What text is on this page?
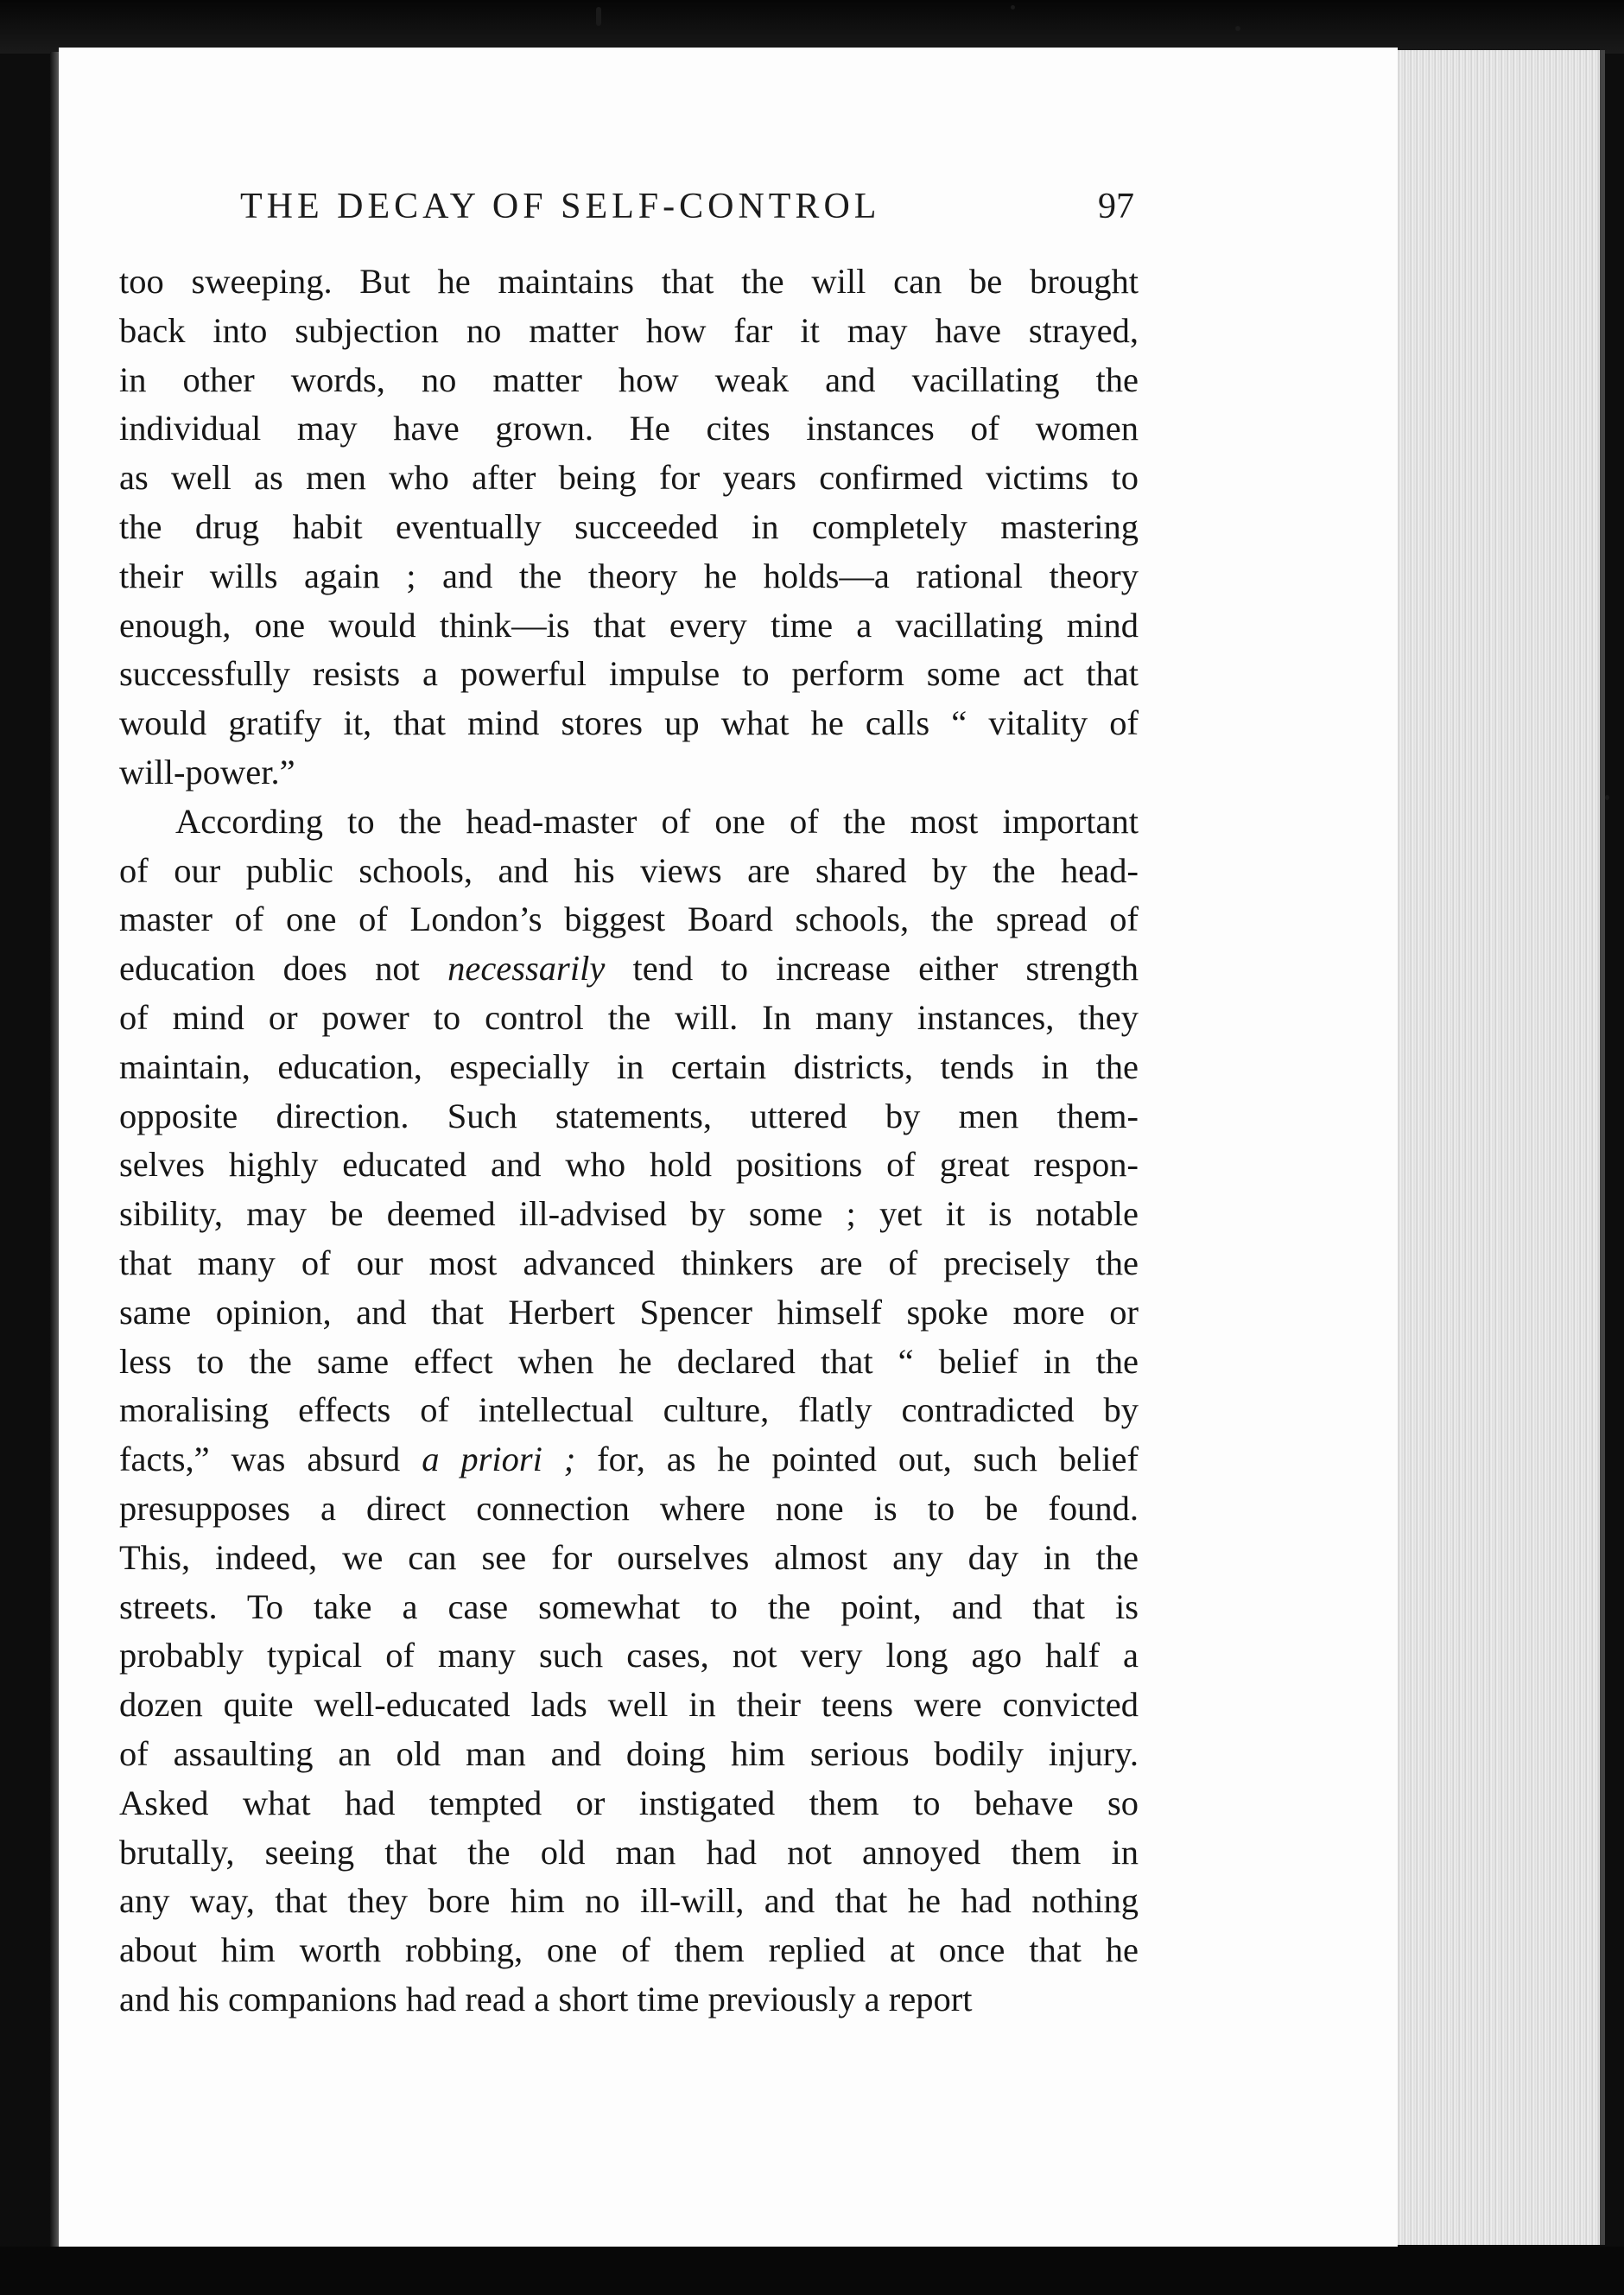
THE DECAY OF SELF-CONTROL	97
too sweeping. But he maintains that the will can be brought
back into subjection no matter how far it may have strayed,
in other words, no matter how weak and vacillating the
individual may have grown. He cites instances of women
as well as men who after being for years confirmed victims to
the drug habit eventually succeeded in completely mastering
their wills again ; and the theory he holds—a rational theory
enough, one would think—is that every time a vacillating mind
successfully resists a powerful impulse to perform some act that
would gratify it, that mind stores up what he calls “ vitality of
will-power.”
According to the head-master of one of the most important
of our public schools, and his views are shared by the head-
master of one of London’s biggest Board schools, the spread of
education does not necessarily tend to increase either strength
of mind or power to control the will. In many instances, they
maintain, education, especially in certain districts, tends in the
opposite direction. Such statements, uttered by men them-
selves highly educated and who hold positions of great respon-
sibility, may be deemed ill-advised by some ; yet it is notable
that many of our most advanced thinkers are of precisely the
same opinion, and that Herbert Spencer himself spoke more or
less to the same effect when he declared that “ belief in the
moralising effects of intellectual culture, flatly contradicted by
facts,” was absurd a priori ; for, as he pointed out, such belief
presupposes a direct connection where none is to be found.
This, indeed, we can see for ourselves almost any day in the
streets. To take a case somewhat to the point, and that is
probably typical of many such cases, not very long ago half a
dozen quite well-educated lads well in their teens were convicted
of assaulting an old man and doing him serious bodily injury.
Asked what had tempted or instigated them to behave so
brutally, seeing that the old man had not annoyed them in
any way, that they bore him no ill-will, and that he had nothing
about him worth robbing, one of them replied at once that he
and his companions had read a short time previously a report
